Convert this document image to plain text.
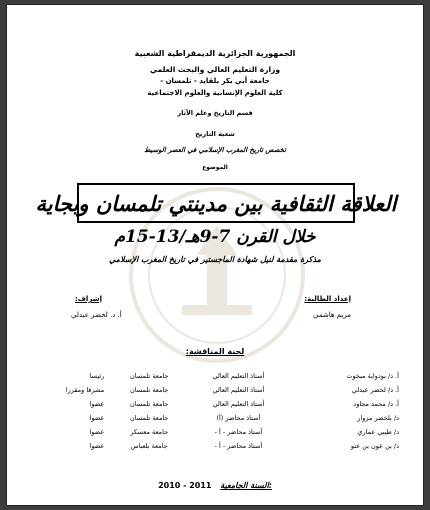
الجمهورية الجزائرية الديمقراطية الشعبية
وزارة التعليم العالي والبحث العلمي
جامعة أبي بكر بلقايد - تلمسان -
كلية العلوم الإنسانية والعلوم الاجتماعية
قسم التاريخ وعلم الآثار
شعبة التاريخ
تخصص تاريخ المغرب الإسلامي في العصر الوسيط
الموضوع
العلاقة الثقافية بين مدينتي تلمسان وبجاية
خلال القرن 7-9هـ/13-15م
مذكرة مقدمة لنيل شهادة الماجستير في تاريخ المغرب الإسلامي
إعداد الطالبة:
إشراف:
مريم هاشمي
أ. د. لخضر عبدلي
لجنة المناقشة:
أ. د/ بودواية مبخوت	أستاذ التعليم العالي	جامعة تلمسان	رئيسا
أ. د/ لخضر عبدلي	أستاذ التعليم العالي	جامعة تلمسان	مشرفا ومقررا
أ. د/ محمد مجاود	أستاذ التعليم العالي	جامعة تلمسان	عضوا
د/ بلخضر مزوار	أستاذ محاضر (أ)	جامعة تلمسان	عضوا
د/ طيبي عماري	أستاذ محاضر - أ -	جامعة معسكر	عضوا
د/ بن عون بن عتو	أستاذ محاضر - أ -	جامعة بلعباس	عضوا
2010 - 2011 السنة الجامعية:
